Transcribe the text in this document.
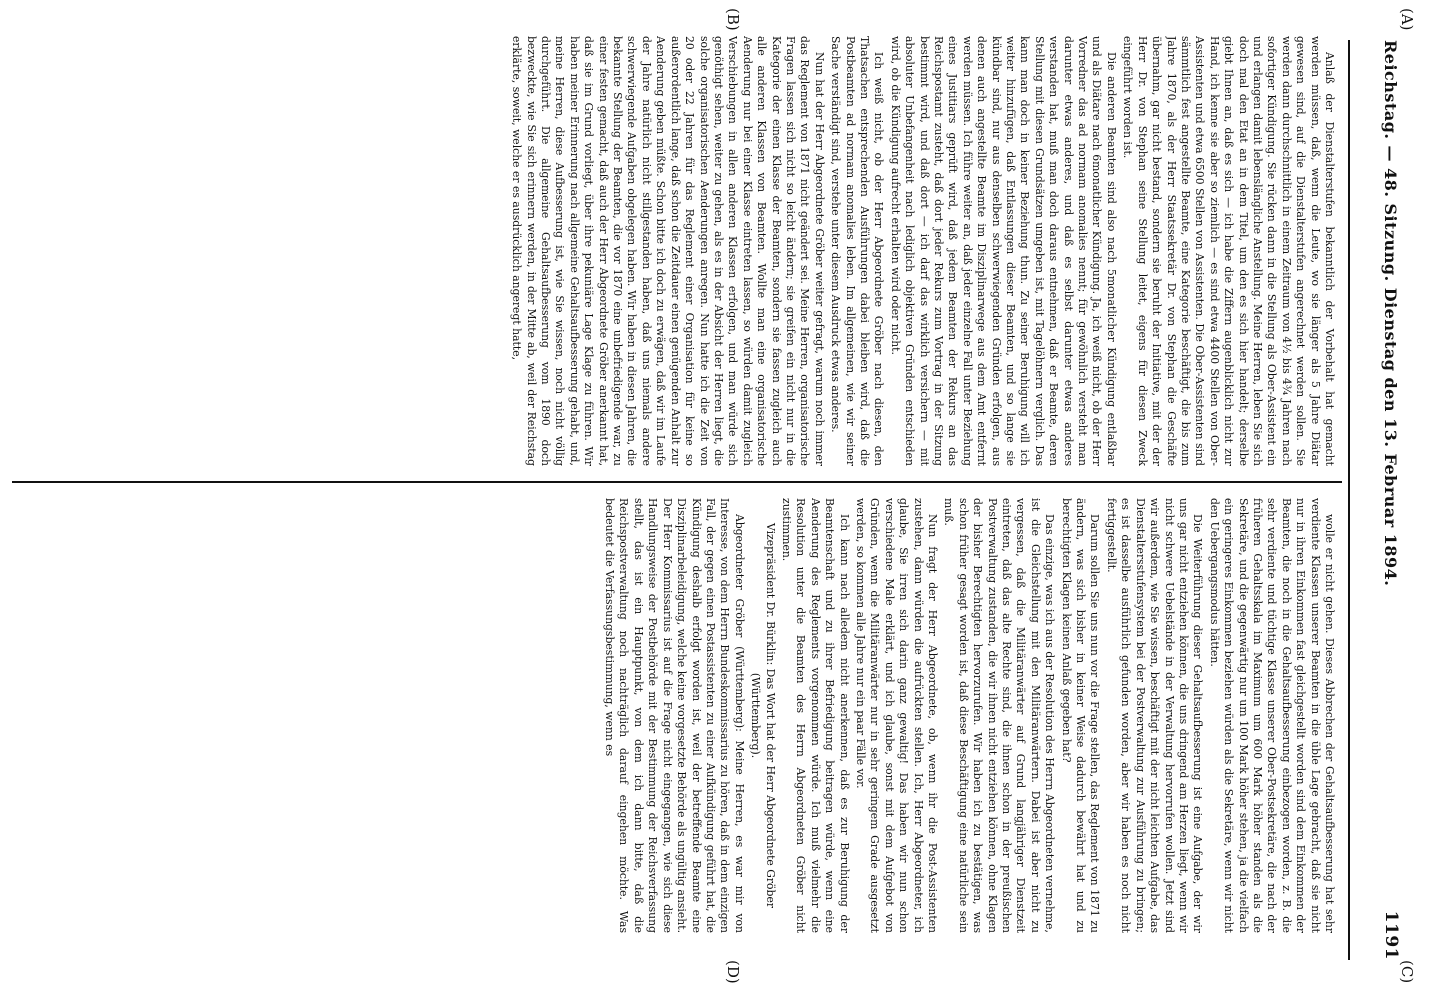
Reichstag. — 48. Sitzung. Dienstag den 13. Februar 1894.
1191
(A)
(B)
(C)
(D)

Anlaß der Dienstalterstufen bekanntlich der Vorbehalt hat gemacht werden müssen, daß, wenn die Leute, wo sie länger als 5 Jahre Diätar gewesen sind, auf die Dienstalterstufen angerechnet werden sollen. Sie werden dann durchschnittlich in einem Zeitraum von 4½ bis 4¾ Jahren nach sofortiger Kündigung. Sie rücken dann in die Stellung als Ober-Assistent ein und erlangen damit lebenslängliche Anstellung. Meine Herren, leben Sie sich doch mal den Etat an in dem Titel, um den es sich hier handelt; derselbe giebt Ihnen an, daß es sich — ich habe die Ziffern augenblicklich nicht zur Hand, ich kenne sie aber so ziemlich — es sind etwa 4400 Stellen von Ober-Assistenten und etwa 6500 Stellen von Assistenten. Die Ober-Assistenten sind sämmtlich fest angestellte Beamte, eine Kategorie beschäftigt, die bis zum Jahre 1870, als der Herr Staatssekretär Dr. von Stephan die Geschäfte übernahm, gar nicht bestand, sondern sie beruht der Initiative, mit der der Herr Dr. von Stephan seine Stellung leitet, eigens für diesen Zweck eingeführt worden ist.

Die anderen Beamten sind also nach 5monatlicher Kündigung entlaßbar und als Diätare nach 6monatlicher Kündigung. Ja, ich weiß nicht, ob der Herr Vorredner das ad normam anomalies nennt; für gewöhnlich versteht man darunter etwas anderes, und daß es selbst darunter etwas anderes verstanden hat, muß man doch daraus entnehmen, daß er Beamte, deren Stellung mit diesen Grundsätzen umgeben ist, mit Tagelöhnern verglich. Das kann man doch in keiner Beziehung thun. Zu seiner Beruhigung will ich weiter hinzufügen, daß Entlassungen dieser Beamten, und so lange sie kündbar sind, nur aus denselben schwerwiegenden Gründen erfolgen, aus denen auch angestellte Beamte im Disziplinarwege aus dem Amt entfernt werden müssen. Ich führe weiter an, daß jeder einzelne Fall unter Beziehung eines Justitiars geprüft wird, daß jedem Beamten der Rekurs an das Reichspostamt zusteht, daß dort jeder Rekurs zum Vortrag in der Sitzung bestimmt wird, und daß dort — ich darf das wirklich versichern — mit absoluter Unbefangenheit nach lediglich objektiven Gründen entschieden wird, ob die Kündigung aufrecht erhalten wird oder nicht.

Ich weiß nicht, ob der Herr Abgeordnete Gröber nach diesen, den Thatsachen entsprechenden Ausführungen dabei bleiben wird, daß die Postbeamten ad normam anomalies leben. Im allgemeinen, wie wir seiner Sache verständigt sind, verstehe unter diesem Ausdruck etwas anderes.

Nun hat der Herr Abgeordnete Gröber weiter gefragt, warum noch immer das Reglement von 1871 nicht geändert sei. Meine Herren, organisatorische Fragen lassen sich nicht so leicht ändern; sie greifen ein nicht nur in die Kategorie der einen Klasse der Beamten, sondern sie fassen zugleich auch alle anderen Klassen von Beamten. Wollte man eine organisatorische Aenderung nur bei einer Klasse eintreten lassen, so würden damit zugleich Verschiebungen in allen anderen Klassen erfolgen, und man würde sich genöthigt sehen, weiter zu gehen, als es in der Absicht der Herren liegt, die solche organisatorischen Aenderungen anregen. Nun hatte ich die Zeit von 20 oder 22 Jahren für das Reglement einer Organisation für keine so außerordentlich lange, daß schon die Zeitdauer einen genügenden Anhalt zur Aenderung geben müßte. Schon bitte ich doch zu erwägen, daß wir im Laufe der Jahre natürlich nicht stillgestanden haben, daß uns niemals andere schwerwiegende Aufgaben obgelegen haben. Wir haben in diesen Jahren, die bekannte Stellung der Beamten, die vor 1870 eine unbefriedigende war, zu einer festen gemacht, daß auch der Herr Abgeordnete Gröber anerkannt hat, daß sie im Grund vorliegt, über ihre pekuniäre Lage Klage zu führen. Wir haben meiner Erinnerung nach allgemeine Gehaltsaufbesserung gehabt, und, meine Herren, diese Aufbesserung ist, wie Sie wissen, noch nicht völlig durchgeführt. Die allgemeine Gehaltsaufbesserung vom 1890 doch bezweckte, wie Sie sich erinnern werden, in der Mitte ab, weil der Reichstag erklärte, soweit, welche er es ausdrücklich angeregt hatte,

wolle er nicht gehen. Dieses Abbrechen der Gehaltsaufbesserung hat sehr verdiente Klassen unserer Beamten in die üble Lage gebracht, daß sie nicht nur in ihren Einkommen fast gleichgestellt worden sind dem Einkommen der Beamten, die noch in die Gehaltsaufbesserung einbezogen worden, z. B. die sehr verdiente und tüchtige Klasse unserer Ober-Postsekretäre, die nach der früheren Gehaltsskala im Maximum um 600 Mark höher standen als die Sekretäre, und die gegenwärtig nur um 100 Mark höher stehen, ja die vielfach ein geringeres Einkommen beziehen würden als die Sekretäre, wenn wir nicht den Uebergangsmodus hätten.

Die Weiterführung dieser Gehaltsaufbesserung ist eine Aufgabe, der wir uns gar nicht entziehen können, die uns dringend am Herzen liegt, wenn wir nicht schwere Uebelstände in der Verwaltung hervorrufen wollen. Jetzt sind wir außerdem, wie Sie wissen, beschäftigt mit der nicht leichten Aufgabe, das Dienstaltersstufensystem bei der Postverwaltung zur Ausführung zu bringen; es ist dasselbe ausführlich gefunden worden, aber wir haben es noch nicht fertiggestellt.

Darum sollen Sie uns nun vor die Frage stellen, das Reglement von 1871 zu ändern, was sich bisher in keiner Weise dadurch bewährt hat und zu berechtigten Klagen keinen Anlaß gegeben hat?

Das einzige, was ich aus der Resolution des Herrn Abgeordneten vernehme, ist die Gleichstellung mit den Militäranwärtern. Dabei ist aber nicht zu vergessen, daß die Militäranwärter auf Grund langjähriger Dienstzeit eintreten, daß das alte Rechte sind, die ihnen schon in der preußischen Postverwaltung zustanden, die wir ihnen nicht entziehen können, ohne Klagen der bisher Berechtigten hervorzurufen. Wir haben ich zu bestätigen, was schon früher gesagt worden ist, daß diese Beschäftigung eine natürliche sein muß.

Nun fragt der Herr Abgeordnete, ob, wenn ihr die Post-Assistenten zustehen, dann würden die aufrückten stellen. Ich, Herr Abgeordneter, ich glaube, Sie irren sich darin ganz gewaltig! Das haben wir nun schon verschiedene Male erklärt, und ich glaube, sonst mit dem Aufgebot von Gründen, wenn die Militäranwärter nur in sehr geringem Grade ausgesetzt werden, so kommen alle Jahre nur ein paar Fälle vor.

Ich kann nach alledem nicht anerkennen, daß es zur Beruhigung der Beamtenschaft und zu ihrer Befriedigung beitragen würde, wenn eine Aenderung des Reglements vorgenommen würde. Ich muß vielmehr die Resolution unter die Beamten des Herrn Abgeordneten Gröber nicht zustimmen.

Vizepräsident Dr. Bürklin: Das Wort hat der Herr Abgeordnete Gröber (Württemberg).

Abgeordneter Gröber (Württemberg): Meine Herren, es war mir von Interesse, von dem Herrn Bundeskommissarius zu hören, daß in dem einzigen Fall, der gegen einen Postassistenten zu einer Aufkündigung geführt hat, die Kündigung deshalb erfolgt worden ist, weil der betreffende Beamte eine Disziplinarbeleidigung, welche keine vorgesetzte Behörde als ungültig ansieht. Der Herr Kommissarius ist auf die Frage nicht eingegangen, wie sich diese Handlungsweise der Postbehörde mit der Bestimmung der Reichsverfassung stellt, das ist ein Hauptpunkt, von dem ich dann bitte, daß die Reichspostverwaltung noch nachträglich darauf eingehen möchte. Was bedeutet die Verfassungsbestimmung, wenn es
